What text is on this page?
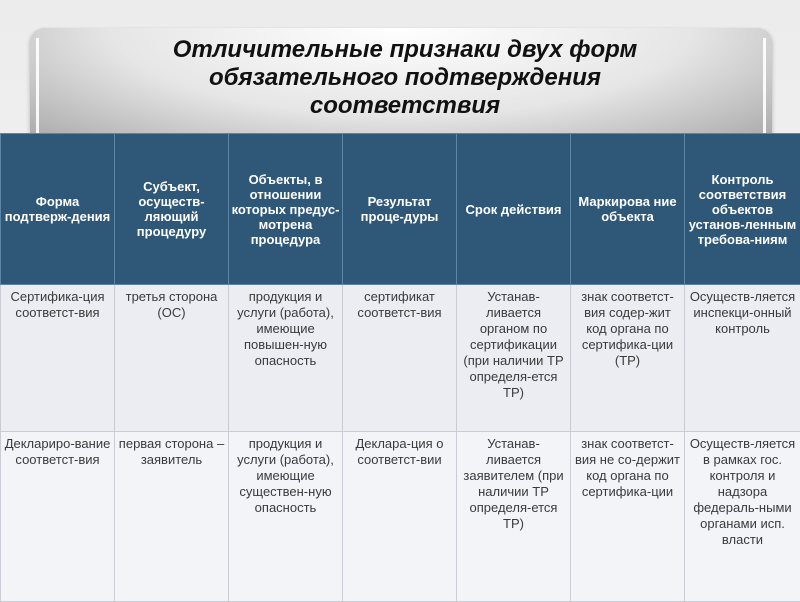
Отличительные признаки двух форм
обязательного подтверждения
соответствия
Форма подтверж-дения	Субъект, осуществ-ляющий процедуру	Объекты, в отношении которых предус-мотрена процедура	Результат проце-дуры	Срок действия	Маркирова ние объекта	Контроль соответствия объектов установ-ленным требова-ниям
Сертифика-ция соответст-вия	третья сторона (ОС)	продукция и услуги (работа), имеющие повышен-ную опасность	сертификат соответст-вия	Устанав-ливается органом по сертификации (при наличии ТР определя-ется ТР)	знак соответст-вия содер-жит код органа по сертифика-ции (ТР)	Осуществ-ляется инспекци-онный контроль
Деклариро-вание соответст-вия	первая сторона – заявитель	продукция и услуги (работа), имеющие существен-ную опасность	Деклара-ция о соответст-вии	Устанав-ливается заявителем (при наличии ТР определя-ется ТР)	знак соответст-вия не со-держит код органа по сертифика-ции	Осуществ-ляется в рамках гос. контроля и надзора федераль-ными органами исп. власти
